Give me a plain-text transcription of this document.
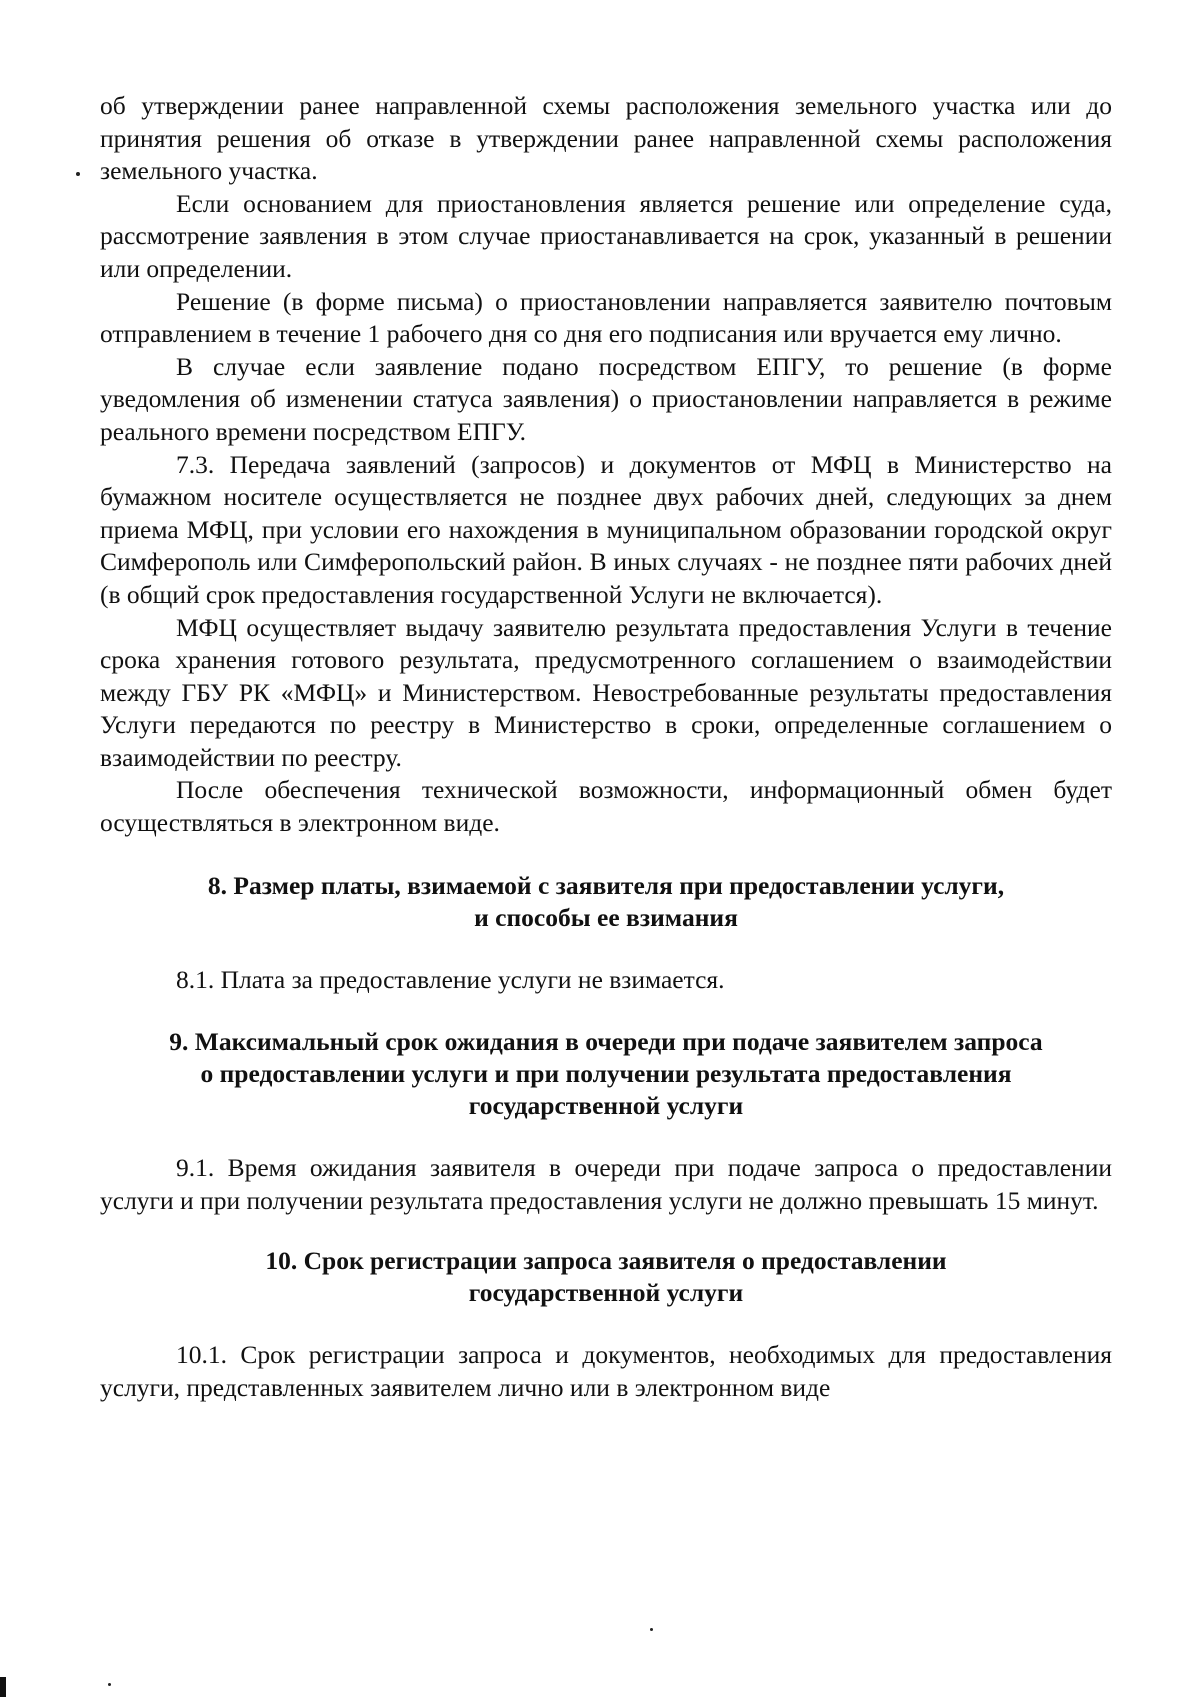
об утверждении ранее направленной схемы расположения земельного участка или до принятия решения об отказе в утверждении ранее направленной схемы расположения земельного участка.

Если основанием для приостановления является решение или определение суда, рассмотрение заявления в этом случае приостанавливается на срок, указанный в решении или определении.

Решение (в форме письма) о приостановлении направляется заявителю почтовым отправлением в течение 1 рабочего дня со дня его подписания или вручается ему лично.

В случае если заявление подано посредством ЕПГУ, то решение (в форме уведомления об изменении статуса заявления) о приостановлении направляется в режиме реального времени посредством ЕПГУ.

7.3. Передача заявлений (запросов) и документов от МФЦ в Министерство на бумажном носителе осуществляется не позднее двух рабочих дней, следующих за днем приема МФЦ, при условии его нахождения в муниципальном образовании городской округ Симферополь или Симферопольский район. В иных случаях - не позднее пяти рабочих дней (в общий срок предоставления государственной Услуги не включается).

МФЦ осуществляет выдачу заявителю результата предоставления Услуги в течение срока хранения готового результата, предусмотренного соглашением о взаимодействии между ГБУ РК «МФЦ» и Министерством. Невостребованные результаты предоставления Услуги передаются по реестру в Министерство в сроки, определенные соглашением о взаимодействии по реестру.

После обеспечения технической возможности, информационный обмен будет осуществляться в электронном виде.

8. Размер платы, взимаемой с заявителя при предоставлении услуги,
и способы ее взимания

8.1. Плата за предоставление услуги не взимается.

9. Максимальный срок ожидания в очереди при подаче заявителем запроса
о предоставлении услуги и при получении результата предоставления
государственной услуги

9.1. Время ожидания заявителя в очереди при подаче запроса о предоставлении услуги и при получении результата предоставления услуги не должно превышать 15 минут.

10. Срок регистрации запроса заявителя о предоставлении
государственной услуги

10.1. Срок регистрации запроса и документов, необходимых для предоставления услуги, представленных заявителем лично или в электронном виде
